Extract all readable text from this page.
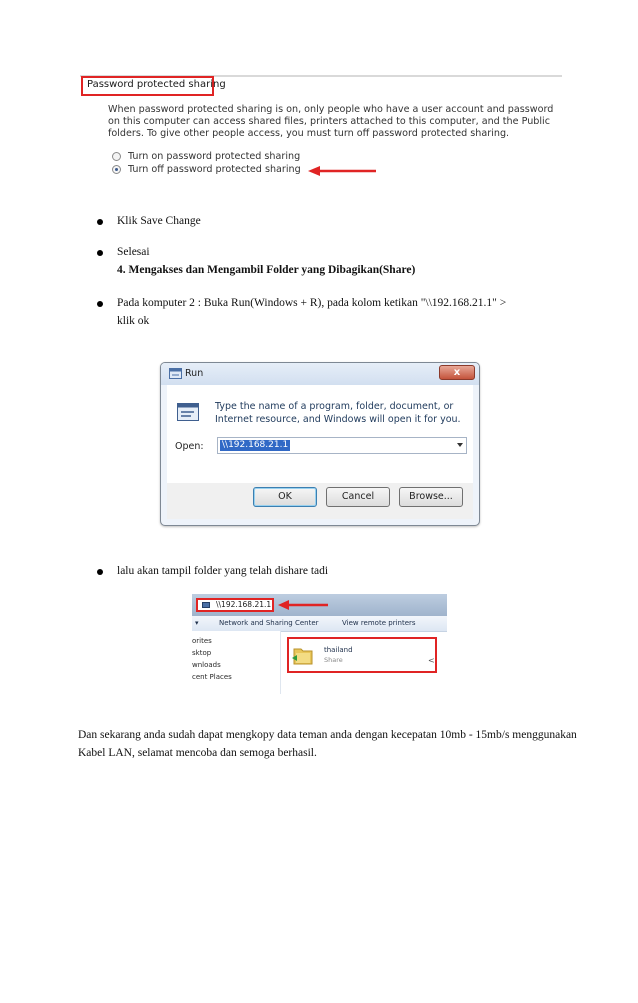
Password protected sharing
When password protected sharing is on, only people who have a user account and password on this computer can access shared files, printers attached to this computer, and the Public folders. To give other people access, you must turn off password protected sharing.
Turn on password protected sharing
Turn off password protected sharing
Klik Save Change
Selesai
4. Mengakses dan Mengambil Folder yang Dibagikan(Share)
Pada komputer 2 : Buka Run(Windows + R), pada kolom ketikan "\\192.168.21.1" >
klik ok
Run	x
Type the name of a program, folder, document, or Internet resource, and Windows will open it for you.
Open: \\192.168.21.1
OK	Cancel	Browse...
lalu akan tampil folder yang telah dishare tadi
\\192.168.21.1
▾	Network and Sharing Center	View remote printers
orites
sktop
wnloads
cent Places
thailand
Share	<
Dan sekarang anda sudah dapat mengkopy data teman anda dengan kecepatan 10mb - 15mb/s menggunakan Kabel LAN, selamat mencoba dan semoga berhasil.
